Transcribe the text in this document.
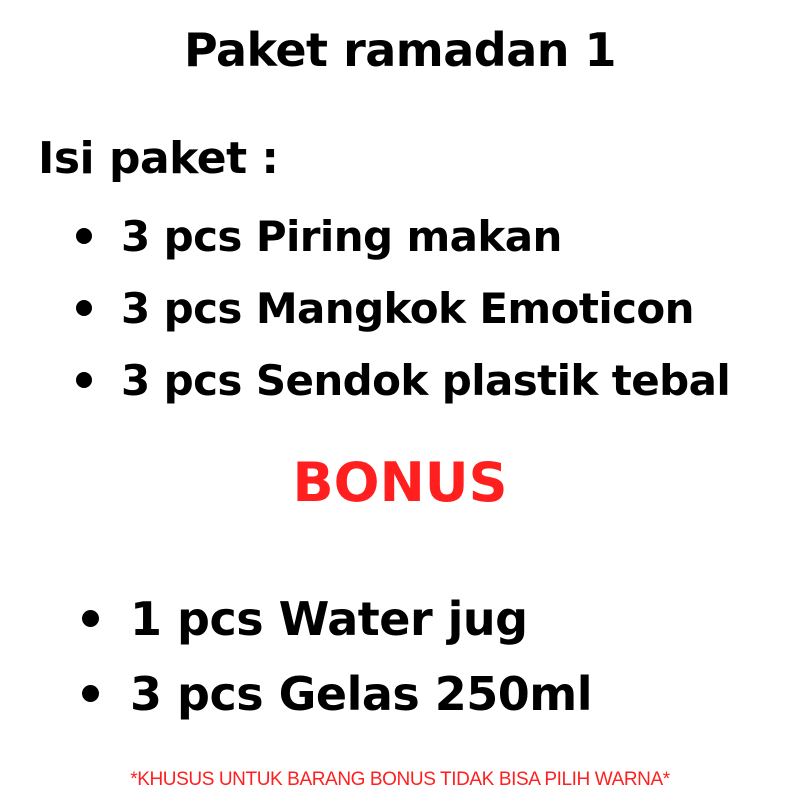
Paket ramadan 1
Isi paket :
3 pcs Piring makan
3 pcs Mangkok Emoticon
3 pcs Sendok plastik tebal
BONUS
1 pcs Water jug
3 pcs Gelas 250ml
*KHUSUS UNTUK BARANG BONUS TIDAK BISA PILIH WARNA*
